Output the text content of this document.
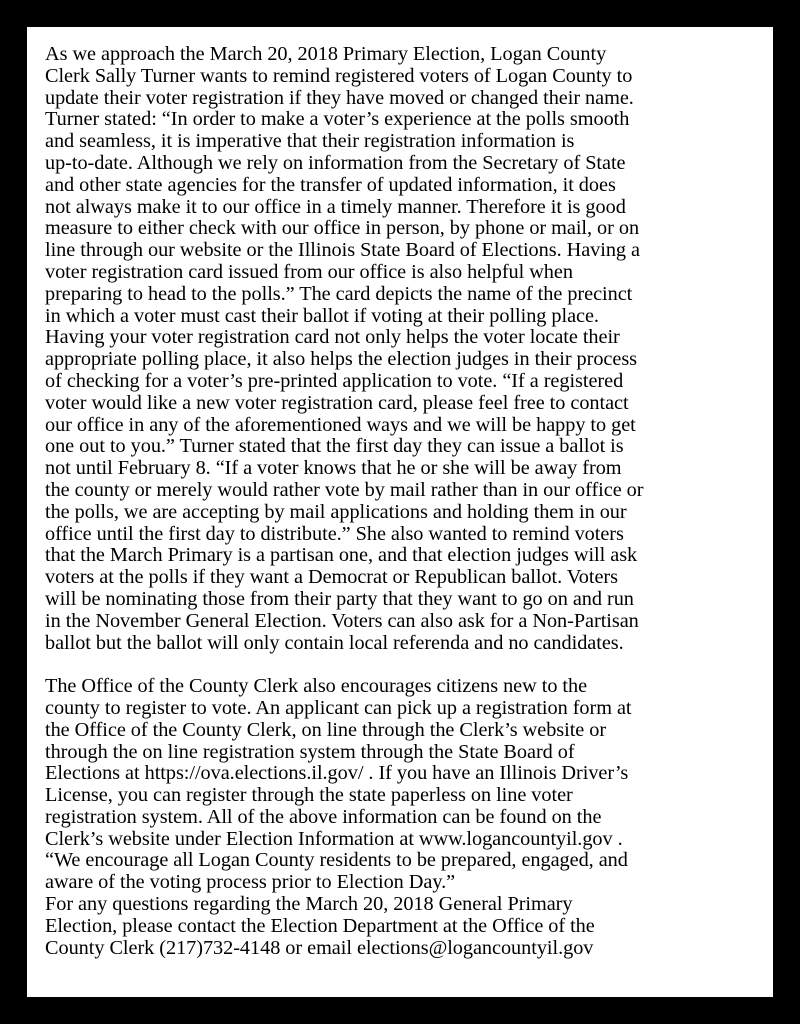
As we approach the March 20, 2018 Primary Election, Logan County
Clerk Sally Turner wants to remind registered voters of Logan County to
update their voter registration if they have moved or changed their name.
Turner stated: “In order to make a voter’s experience at the polls smooth
and seamless, it is imperative that their registration information is
up-to-date. Although we rely on information from the Secretary of State
and other state agencies for the transfer of updated information, it does
not always make it to our office in a timely manner. Therefore it is good
measure to either check with our office in person, by phone or mail, or on
line through our website or the Illinois State Board of Elections. Having a
voter registration card issued from our office is also helpful when
preparing to head to the polls.” The card depicts the name of the precinct
in which a voter must cast their ballot if voting at their polling place.
Having your voter registration card not only helps the voter locate their
appropriate polling place, it also helps the election judges in their process
of checking for a voter’s pre-printed application to vote. “If a registered
voter would like a new voter registration card, please feel free to contact
our office in any of the aforementioned ways and we will be happy to get
one out to you.” Turner stated that the first day they can issue a ballot is
not until February 8. “If a voter knows that he or she will be away from
the county or merely would rather vote by mail rather than in our office or
the polls, we are accepting by mail applications and holding them in our
office until the first day to distribute.” She also wanted to remind voters
that the March Primary is a partisan one, and that election judges will ask
voters at the polls if they want a Democrat or Republican ballot. Voters
will be nominating those from their party that they want to go on and run
in the November General Election. Voters can also ask for a Non-Partisan
ballot but the ballot will only contain local referenda and no candidates.
The Office of the County Clerk also encourages citizens new to the
county to register to vote. An applicant can pick up a registration form at
the Office of the County Clerk, on line through the Clerk’s website or
through the on line registration system through the State Board of
Elections at https://ova.elections.il.gov/ . If you have an Illinois Driver’s
License, you can register through the state paperless on line voter
registration system. All of the above information can be found on the
Clerk’s website under Election Information at www.logancountyil.gov .
“We encourage all Logan County residents to be prepared, engaged, and
aware of the voting process prior to Election Day.”
For any questions regarding the March 20, 2018 General Primary
Election, please contact the Election Department at the Office of the
County Clerk (217)732-4148 or email elections@logancountyil.gov
